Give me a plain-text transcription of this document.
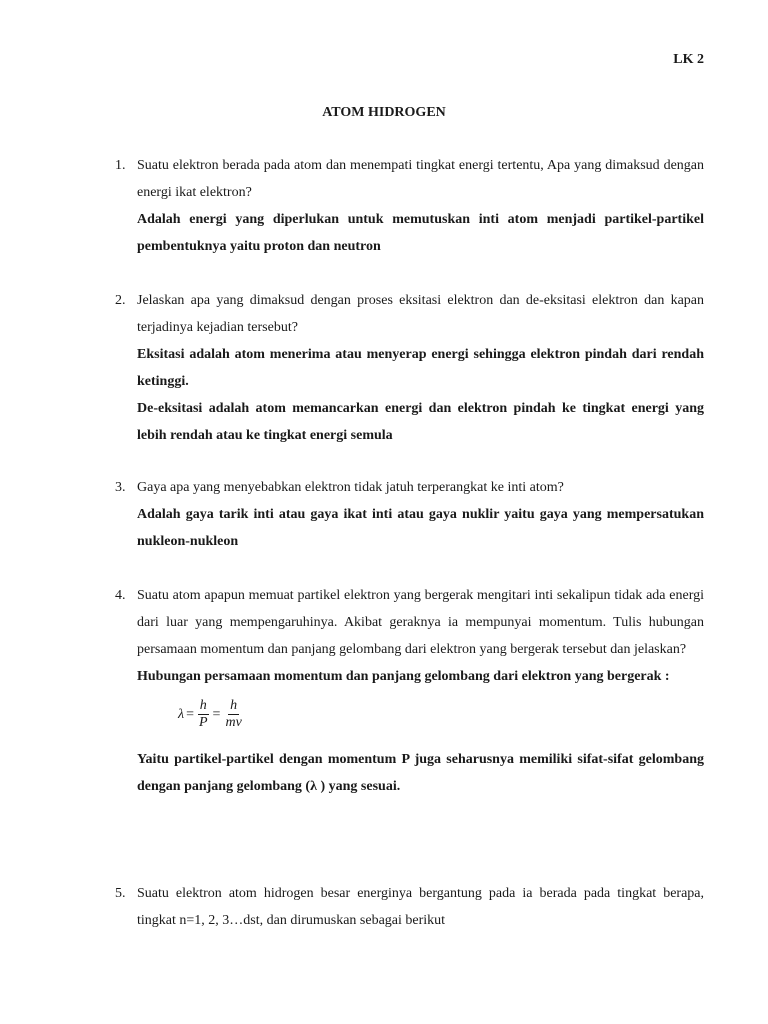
LK 2
ATOM HIDROGEN
1. Suatu elektron berada pada atom dan menempati tingkat energi tertentu, Apa yang dimaksud dengan energi ikat elektron?
Adalah energi yang diperlukan untuk memutuskan inti atom menjadi partikel-partikel pembentuknya yaitu proton dan neutron
2. Jelaskan apa yang dimaksud dengan proses eksitasi elektron dan de-eksitasi elektron dan kapan terjadinya kejadian tersebut?
Eksitasi adalah atom menerima atau menyerap energi sehingga elektron pindah dari rendah ketinggi.
De-eksitasi adalah atom memancarkan energi dan elektron pindah ke tingkat energi yang lebih rendah atau ke tingkat energi semula
3. Gaya apa yang menyebabkan elektron tidak jatuh terperangkat ke inti atom?
Adalah gaya tarik inti atau gaya ikat inti atau gaya nuklir yaitu gaya yang mempersatukan nukleon-nukleon
4. Suatu atom apapun memuat partikel elektron yang bergerak mengitari inti sekalipun tidak ada energi dari luar yang mempengaruhinya. Akibat geraknya ia mempunyai momentum. Tulis hubungan persamaan momentum dan panjang gelombang dari elektron yang bergerak tersebut dan jelaskan?
Hubungan persamaan momentum dan panjang gelombang dari elektron yang bergerak :
$\lambda = \frac{h}{P} = \frac{h}{mv}$
Yaitu partikel-partikel dengan momentum P juga seharusnya memiliki sifat-sifat gelombang dengan panjang gelombang (λ ) yang sesuai.
5. Suatu elektron atom hidrogen besar energinya bergantung pada ia berada pada tingkat berapa, tingkat n=1, 2, 3…dst, dan dirumuskan sebagai berikut
